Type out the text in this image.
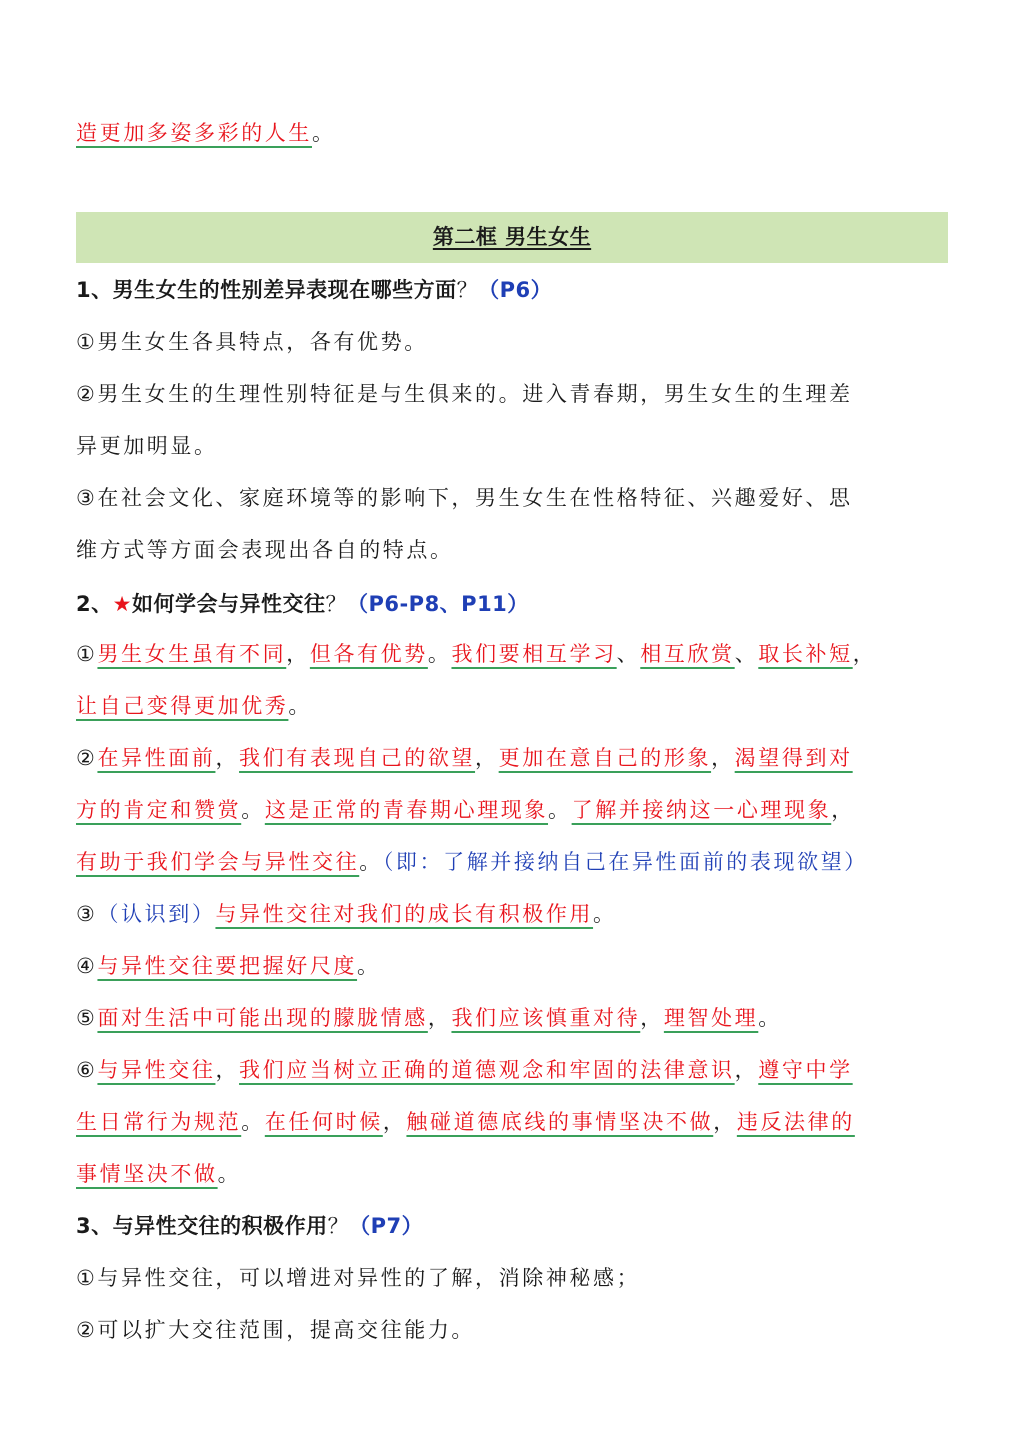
造更加多姿多彩的人生。
第二框 男生女生
1、男生女生的性别差异表现在哪些方面？（P6）
①男生女生各具特点，各有优势。
②男生女生的生理性别特征是与生俱来的。进入青春期，男生女生的生理差
异更加明显。
③在社会文化、家庭环境等的影响下，男生女生在性格特征、兴趣爱好、思
维方式等方面会表现出各自的特点。
2、★如何学会与异性交往？（P6-P8、P11）
①男生女生虽有不同，但各有优势。我们要相互学习、相互欣赏、取长补短，
让自己变得更加优秀。
②在异性面前，我们有表现自己的欲望，更加在意自己的形象，渴望得到对
方的肯定和赞赏。这是正常的青春期心理现象。了解并接纳这一心理现象，
有助于我们学会与异性交往。（即：了解并接纳自己在异性面前的表现欲望）
③（认识到）与异性交往对我们的成长有积极作用。
④与异性交往要把握好尺度。
⑤面对生活中可能出现的朦胧情感，我们应该慎重对待，理智处理。
⑥与异性交往，我们应当树立正确的道德观念和牢固的法律意识，遵守中学
生日常行为规范。在任何时候，触碰道德底线的事情坚决不做，违反法律的
事情坚决不做。
3、与异性交往的积极作用？（P7）
①与异性交往，可以增进对异性的了解，消除神秘感；
②可以扩大交往范围，提高交往能力。
